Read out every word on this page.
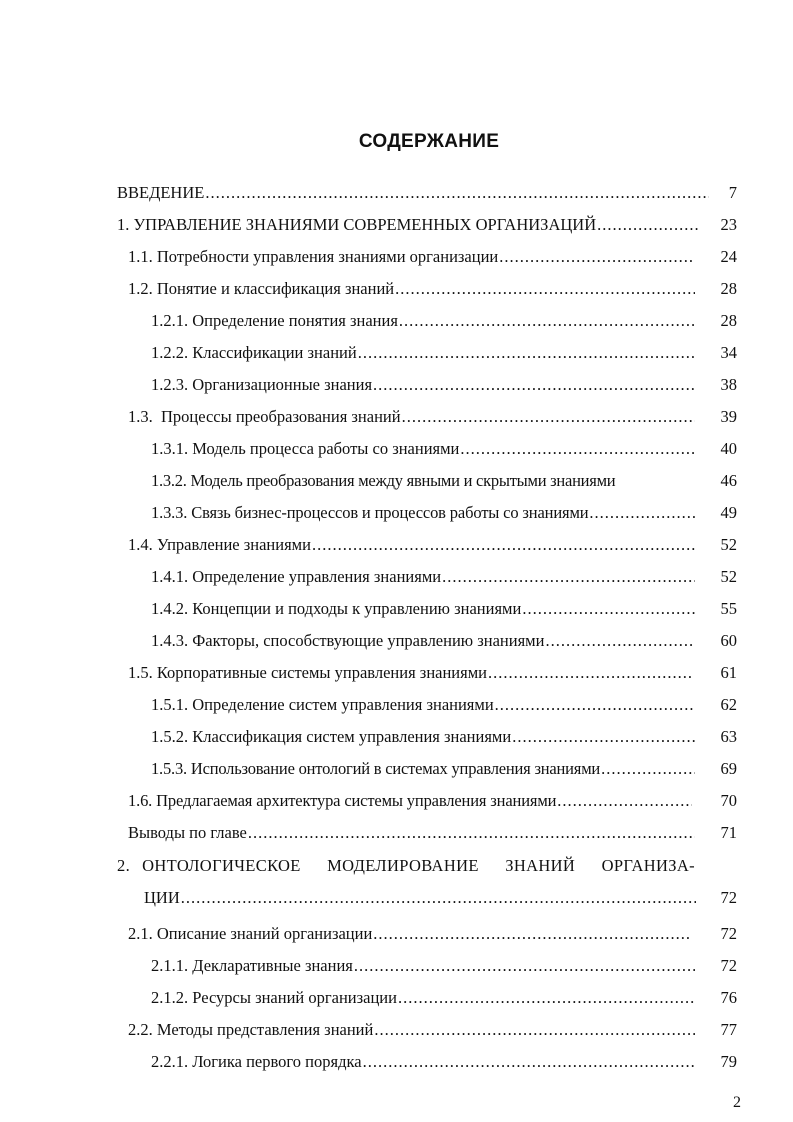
СОДЕРЖАНИЕ
ВВЕДЕНИЕ .....	7
1. УПРАВЛЕНИЕ ЗНАНИЯМИ СОВРЕМЕННЫХ ОРГАНИЗАЦИЙ .....	23
1.1. Потребности управления знаниями организации .....	24
1.2. Понятие и классификация знаний .....	28
1.2.1. Определение понятия знания .....	28
1.2.2. Классификации знаний .....	34
1.2.3. Организационные знания .....	38
1.3. Процессы преобразования знаний .....	39
1.3.1. Модель процесса работы со знаниями .....	40
1.3.2. Модель преобразования между явными и скрытыми знаниями	46
1.3.3. Связь бизнес-процессов и процессов работы со знаниями .....	49
1.4. Управление знаниями .....	52
1.4.1. Определение управления знаниями .....	52
1.4.2. Концепции и подходы к управлению знаниями .....	55
1.4.3. Факторы, способствующие управлению знаниями .....	60
1.5. Корпоративные системы управления знаниями .....	61
1.5.1. Определение систем управления знаниями .....	62
1.5.2. Классификация систем управления знаниями .....	63
1.5.3. Использование онтологий в системах управления знаниями .....	69
1.6. Предлагаемая архитектура системы управления знаниями .....	70
Выводы по главе .....	71
2. ОНТОЛОГИЧЕСКОЕ МОДЕЛИРОВАНИЕ ЗНАНИЙ ОРГАНИЗА-
ЦИИ .....	72
2.1. Описание знаний организации .....	72
2.1.1. Декларативные знания .....	72
2.1.2. Ресурсы знаний организации .....	76
2.2. Методы представления знаний .....	77
2.2.1. Логика первого порядка .....	79
2
